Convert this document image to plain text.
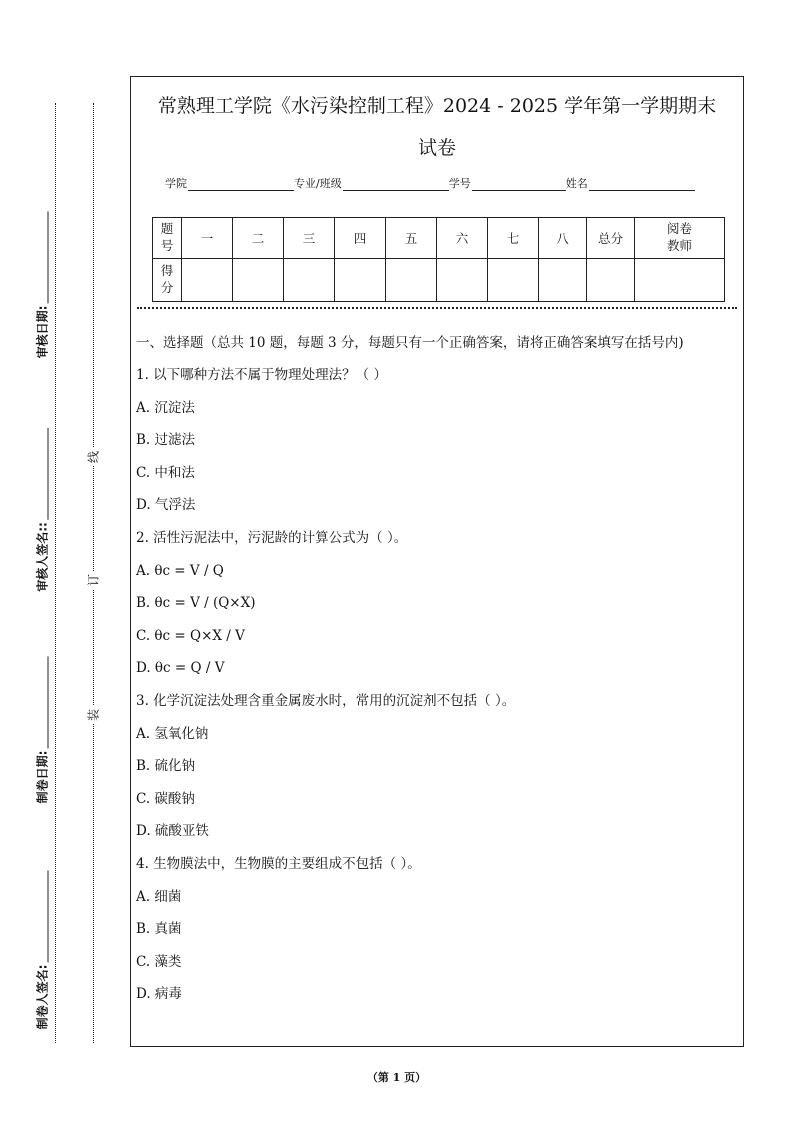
审核日期:
审核人签名::
制卷日期:
制卷人签名:
线
订
装
常熟理工学院《水污染控制工程》2024 - 2025 学年第一学期期末
试卷
学院	专业/班级	学号	姓名
题号	一	二	三	四	五	六	七	八	总分	阅卷教师

得分										

一、选择题（总共 10 题，每题 3 分，每题只有一个正确答案，请将正确答案填写在括号内)
1. 以下哪种方法不属于物理处理法？（ ）
A. 沉淀法
B. 过滤法
C. 中和法
D. 气浮法
2. 活性污泥法中，污泥龄的计算公式为（ ）。
A. θc = V / Q
B. θc = V / (Q×X)
C. θc = Q×X / V
D. θc = Q / V
3. 化学沉淀法处理含重金属废水时，常用的沉淀剂不包括（ ）。
A. 氢氧化钠
B. 硫化钠
C. 碳酸钠
D. 硫酸亚铁
4. 生物膜法中，生物膜的主要组成不包括（ ）。
A. 细菌
B. 真菌
C. 藻类
D. 病毒
（第 1 页）
